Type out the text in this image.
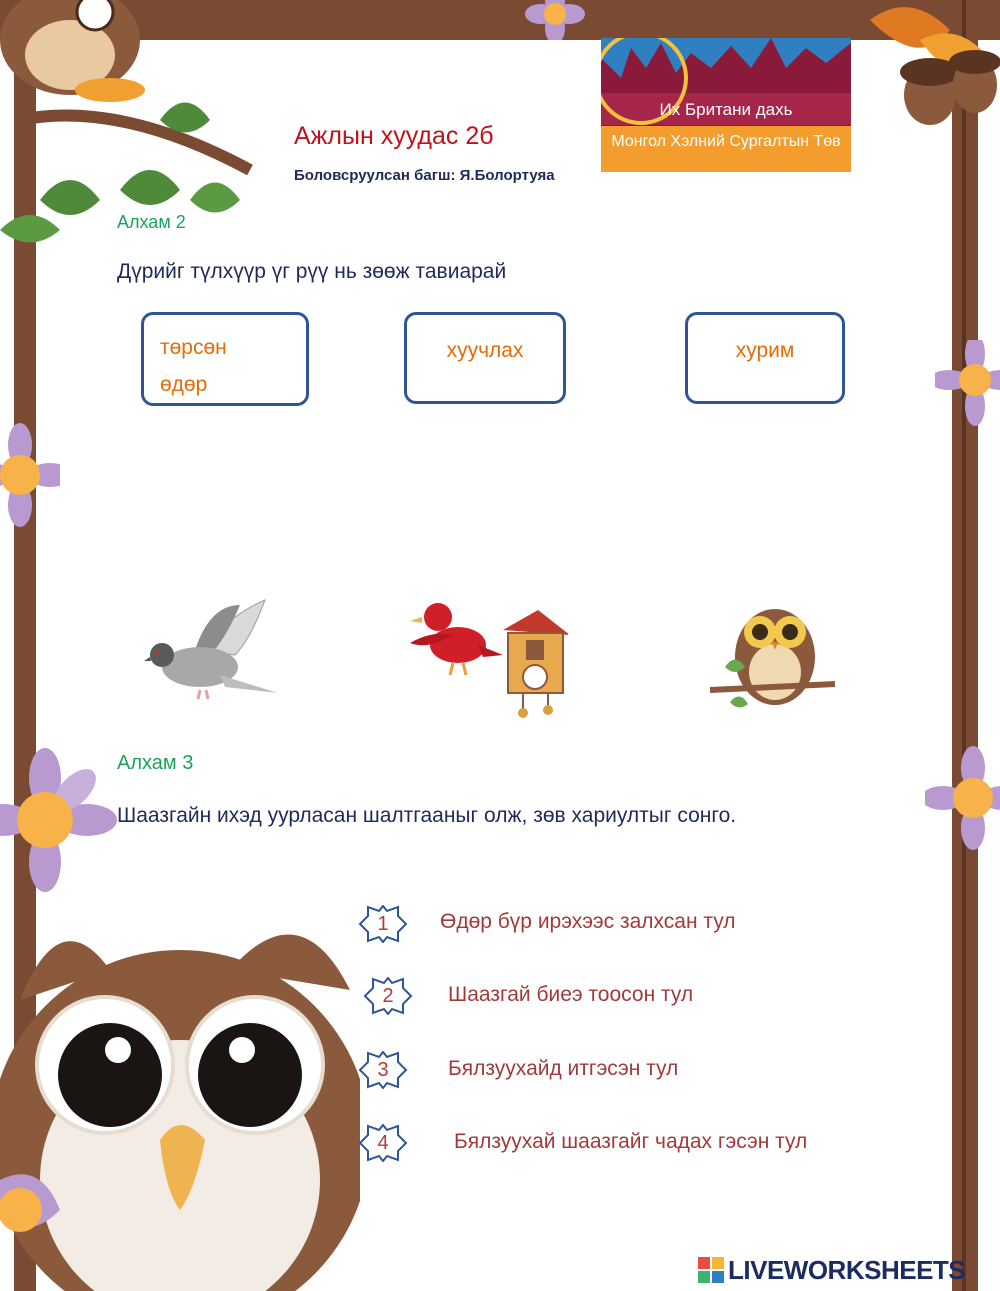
Их Британи дахь
Монгол Хэлний Сургалтын Төв
Ажлын хуудас 2б
Боловсруулсан багш: Я.Болортуяа
Алхам 2
Дүрийг түлхүүр үг рүү нь зөөж тавиарай
төрсөн
өдөр
хуучлах	хурим
Алхам 3
Шаазгайн ихэд уурласан шалтгааныг олж, зөв хариултыг сонго.
1	Өдөр бүр ирэхээс залхсан тул
2	Шаазгай биеэ тоосон тул
3	Бялзуухайд итгэсэн тул
4	Бялзуухай шаазгайг чадах гэсэн тул
LIVEWORKSHEETS
